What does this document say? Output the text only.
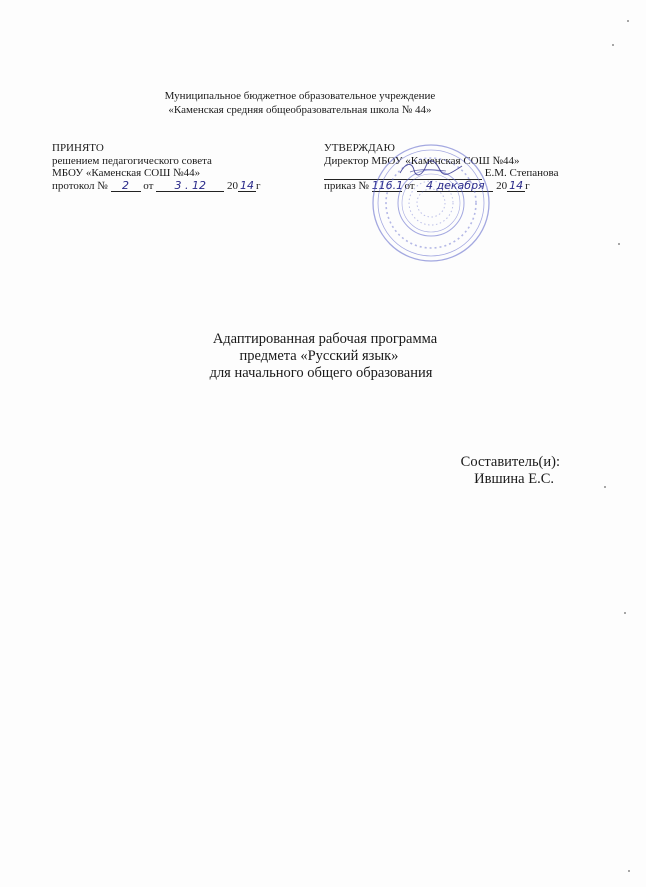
Муниципальное бюджетное образовательное учреждение
«Каменская средняя общеобразовательная школа № 44»
ПРИНЯТО
решением педагогического совета
МБОУ «Каменская СОШ №44»
протокол № 2 от 3 . 12 20 14 г
УТВЕРЖДАЮ
Директор МБОУ «Каменская СОШ №44»
Е.М. Степанова
приказ № 116.1 от 4 декабря 20 14 г
Адаптированная рабочая программа
предмета «Русский язык»
для начального общего образования
Составитель(и):
Ившина Е.С.
